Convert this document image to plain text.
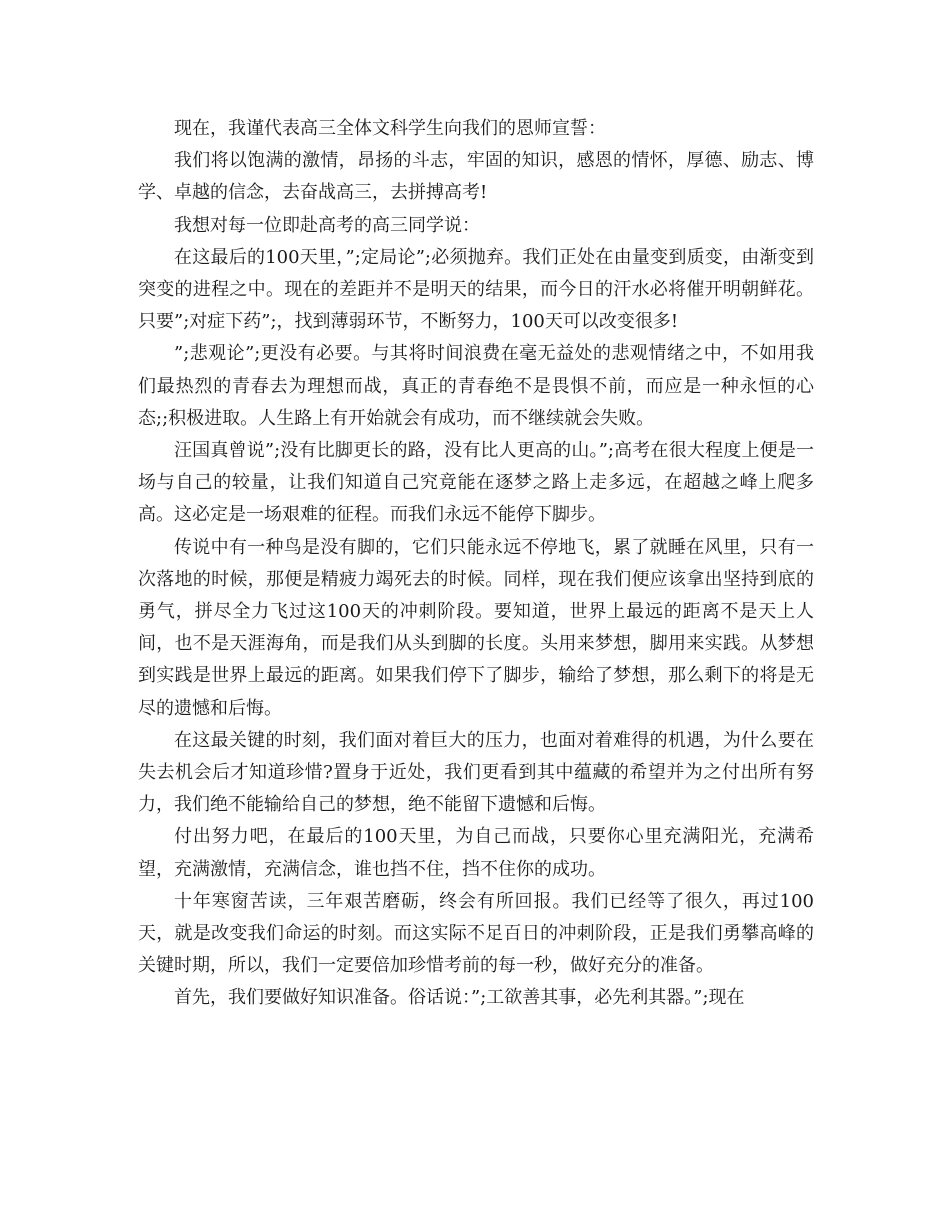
现在，我谨代表高三全体文科学生向我们的恩师宣誓：

我们将以饱满的激情，昂扬的斗志，牢固的知识，感恩的情怀，厚德、励志、博学、卓越的信念，去奋战高三，去拼搏高考!

我想对每一位即赴高考的高三同学说：

在这最后的100天里，”;定局论”;必须抛弃。我们正处在由量变到质变，由渐变到突变的进程之中。现在的差距并不是明天的结果，而今日的汗水必将催开明朝鲜花。只要”;对症下药”;，找到薄弱环节，不断努力，100天可以改变很多!

”;悲观论”;更没有必要。与其将时间浪费在毫无益处的悲观情绪之中，不如用我们最热烈的青春去为理想而战，真正的青春绝不是畏惧不前，而应是一种永恒的心态;;积极进取。人生路上有开始就会有成功，而不继续就会失败。

汪国真曾说”;没有比脚更长的路，没有比人更高的山。”;高考在很大程度上便是一场与自己的较量，让我们知道自己究竟能在逐梦之路上走多远，在超越之峰上爬多高。这必定是一场艰难的征程。而我们永远不能停下脚步。

传说中有一种鸟是没有脚的，它们只能永远不停地飞，累了就睡在风里，只有一次落地的时候，那便是精疲力竭死去的时候。同样，现在我们便应该拿出坚持到底的勇气，拼尽全力飞过这100天的冲刺阶段。要知道，世界上最远的距离不是天上人间，也不是天涯海角，而是我们从头到脚的长度。头用来梦想，脚用来实践。从梦想到实践是世界上最远的距离。如果我们停下了脚步，输给了梦想，那么剩下的将是无尽的遗憾和后悔。

在这最关键的时刻，我们面对着巨大的压力，也面对着难得的机遇，为什么要在失去机会后才知道珍惜?置身于近处，我们更看到其中蕴藏的希望并为之付出所有努力，我们绝不能输给自己的梦想，绝不能留下遗憾和后悔。

付出努力吧，在最后的100天里，为自己而战，只要你心里充满阳光，充满希望，充满激情，充满信念，谁也挡不住，挡不住你的成功。

十年寒窗苦读，三年艰苦磨砺，终会有所回报。我们已经等了很久，再过100天，就是改变我们命运的时刻。而这实际不足百日的冲刺阶段，正是我们勇攀高峰的关键时期，所以，我们一定要倍加珍惜考前的每一秒，做好充分的准备。

首先，我们要做好知识准备。俗话说：”;工欲善其事，必先利其器。”;现在
